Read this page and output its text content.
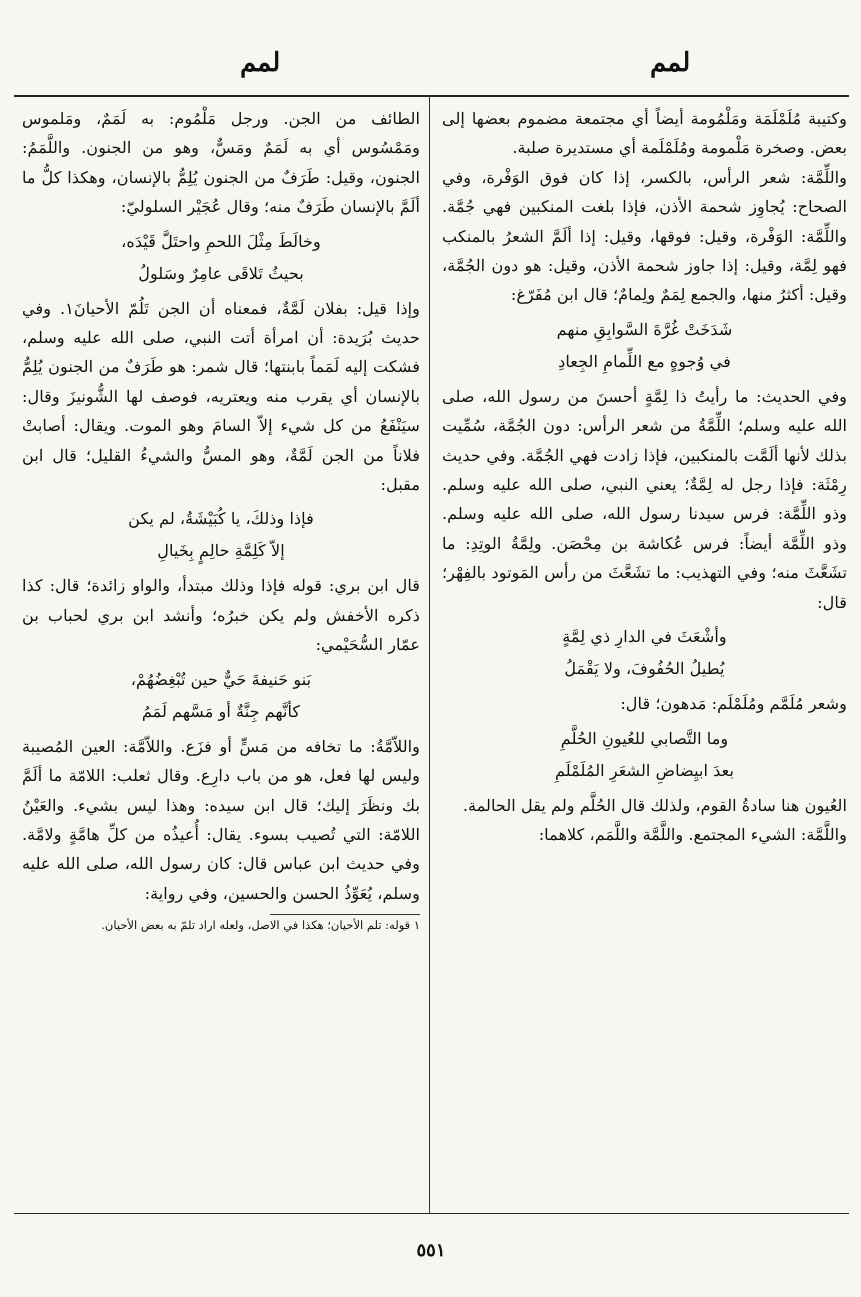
لمم
لمم

وكتيبة مُلَمْلَمَة ومَلْمُومة أيضاً أي مجتمعة مضموم بعضها إلى بعض. وصخرة مَلْمومة ومُلَمْلَمة أي مستديرة صلبة.

واللِّمَّة: شعر الرأس، بالكسر، إذا كان فوق الوَفْرة، وفي الصحاح: يُجاوِز شحمة الأذن، فإذا بلغت المنكبين فهي جُمَّة. واللِّمَّة: الوَفْرة، وقيل: فوقها، وقيل: إذا ألَمَّ الشعرُ بالمنكب فهو لِمَّة، وقيل: إذا جاوز شحمة الأذن، وقيل: هو دون الجُمَّة، وقيل: أكثرُ منها، والجمع لِمَمٌ ولِمامٌ؛ قال ابن مُفَرّغ:

شَدَخَتْ غُرَّةَ السَّوابِقِ منهم
في وُجوهٍ مع اللِّمامِ الجِعادِ

وفي الحديث: ما رأيتُ ذا لِمَّةٍ أحسنَ من رسول الله، صلى الله عليه وسلم؛ اللِّمَّةُ من شعر الرأس: دون الجُمَّة، سُمِّيت بذلك لأنها ألَمَّت بالمنكبين، فإذا زادت فهي الجُمَّة. وفي حديث رِمْثَة: فإذا رجل له لِمَّةٌ؛ يعني النبي، صلى الله عليه وسلم. وذو اللِّمَّة: فرس سيدنا رسول الله، صلى الله عليه وسلم. وذو اللِّمَّة أيضاً: فرس عُكاشة بن مِحْصَن. ولِمَّةُ الوتِدِ: ما تشَعَّثَ منه؛ وفي التهذيب: ما تشَعَّثَ من رأس المَوتود بالفِهْر؛ قال:

وأشْعَثَ في الدارِ ذي لِمَّةٍ
يُطيلُ الحُفُوفَ، ولا يَقْمَلُ

وشعر مُلَمَّم ومُلَمْلَم: مَدهون؛ قال:

وما التَّصابي للعُيونِ الحُلَّمِ
بعدَ ابيِضاضِ الشعَرِ المُلَمْلَمِ

العُيون هنا سادةُ القوم، ولذلك قال الحُلَّم ولم يقل الحالمة.

واللَّمَّة: الشيء المجتمع. واللَّمَّة واللَّمَم، كلاهما:

الطائف من الجن. ورجل مَلْمُوم: به لَمَمٌ، ومَلموس ومَمْسُوس أي به لَمَمٌ ومَسٌّ، وهو من الجنون. واللَّمَمُ: الجنون، وقيل: طَرَفٌ من الجنون يُلِمُّ بالإنسان، وهكذا كلُّ ما ألَمَّ بالإنسان طَرَفٌ منه؛ وقال عُجَيْر السلوليّ:

وخالَطَ مِثْلَ اللحمِ واحتَلَّ قَيْدَه،
بحيثُ تَلاقَى عامِرٌ وسَلولُ

وإذا قيل: بفلان لَمَّةٌ، فمعناه أن الجن تَلُمّ الأحيانَ١. وفي حديث بُرَيدة: أن امرأة أتت النبي، صلى الله عليه وسلم، فشكت إليه لَمَماً بابنتها؛ قال شمر: هو طَرَفٌ من الجنون يُلِمُّ بالإنسان أي يقرب منه ويعتريه، فوصف لها الشُّونيزَ وقال: سيَنْفَعُ من كل شيء إلاّ السامَ وهو الموت. ويقال: أصابتْ فلاناً من الجن لَمَّةٌ، وهو المسُّ والشيءُ القليل؛ قال ابن مقبل:

فإذا وذلكَ، يا كُبَيْشَةُ، لم يكن
إلاّ كَلِمَّةِ حالِمٍ بِخَيالِ

قال ابن بري: قوله فإذا وذلك مبتدأ، والواو زائدة؛ قال: كذا ذكره الأخفش ولم يكن خبرُه؛ وأنشد ابن بري لحباب بن عمّار السُّحَيْمي:

بَنو حَنيفةَ حَيٌّ حين تُبْغِضُهُمْ،
كأنَّهم جِنَّةٌ أو مَسَّهم لَمَمُ

واللاّمَّةُ: ما تخافه من مَسٍّ أو فزَع. واللاّمَّة: العين المُصيبة وليس لها فعل، هو من باب دارِع. وقال ثعلب: اللامّة ما ألَمَّ بك ونظَرَ إليك؛ قال ابن سيده: وهذا ليس بشيء. والعَيْنُ اللامّة: التي تُصيب بسوء. يقال: أُعيذُه من كلِّ هامَّةٍ ولامَّة. وفي حديث ابن عباس قال: كان رسول الله، صلى الله عليه وسلم، يُعَوِّذُ الحسن والحسين، وفي رواية:

١ قوله: تلم الأحيان؛ هكذا في الاصل، ولعله اراد تلمّ به بعض الأحيان.

٥٥١
